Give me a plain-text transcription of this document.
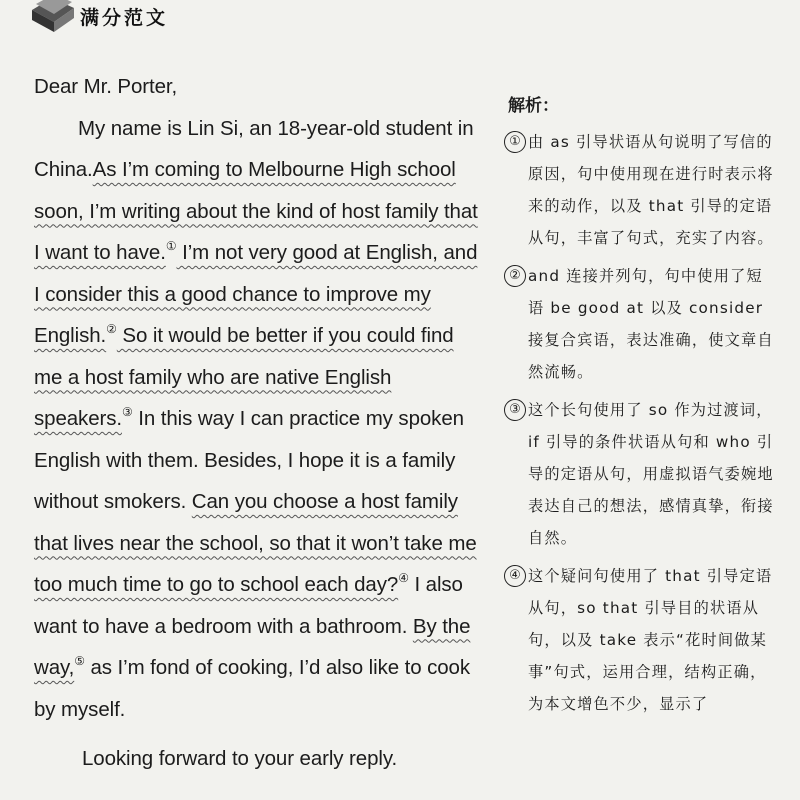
满分范文

Dear Mr. Porter,

My name is Lin Si, an 18-year-old student in China.As I’m coming to Melbourne High school soon, I’m writing about the kind of host family that I want to have.① I’m not very good at English, and I consider this a good chance to improve my English.② So it would be better if you could find me a host family who are native English speakers.③ In this way I can practice my spoken English with them. Besides, I hope it is a family without smokers. Can you choose a host family that lives near the school, so that it won’t take me too much time to go to school each day?④ I also want to have a bedroom with a bathroom. By the way,⑤ as I’m fond of cooking, I’d also like to cook by myself.

Looking forward to your early reply.

解析：
① 由 as 引导状语从句说明了写信的原因，句中使用现在进行时表示将来的动作，以及 that 引导的定语从句，丰富了句式，充实了内容。
② and 连接并列句，句中使用了短语 be good at 以及 consider 接复合宾语，表达准确，使文章自然流畅。
③ 这个长句使用了 so 作为过渡词，if 引导的条件状语从句和 who 引导的定语从句，用虚拟语气委婉地表达自己的想法，感情真挚，衔接自然。
④ 这个疑问句使用了 that 引导定语从句，so that 引导目的状语从句，以及 take 表示“花时间做某事”句式，运用合理，结构正确，为本文增色不少，显示了
